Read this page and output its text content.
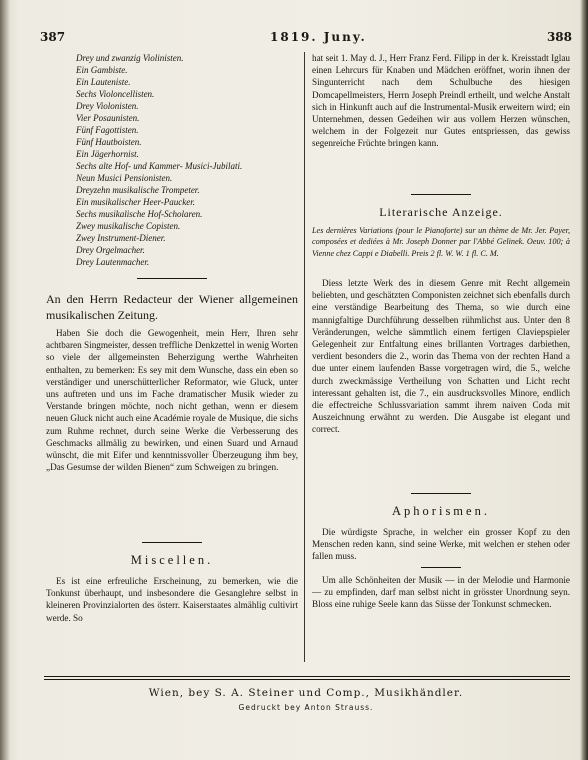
387	1819. Juny.	388
Drey und zwanzig Violinisten.
Ein Gambiste.
Ein Lauteniste.
Sechs Violoncellisten.
Drey Violonisten.
Vier Posaunisten.
Fünf Fagottisten.
Fünf Hautboisten.
Ein Jägerhornist.
Sechs alte Hof- und Kammer- Musici-Jubilati.
Neun Musici Pensionisten.
Dreyzehn musikalische Trompeter.
Ein musikalischer Heer-Paucker.
Sechs musikalische Hof-Scholaren.
Zwey musikalische Copisten.
Zwey Instrument-Diener.
Drey Orgelmacher.
Drey Lautenmacher.
An den Herrn Redacteur der Wiener allgemeinen musikalischen Zeitung.

Haben Sie doch die Gewogenheit, mein Herr, Ihren sehr achtbaren Singmeister, dessen treffliche Denkzettel in wenig Worten so viele der allgemeinsten Beherzigung werthe Wahrheiten enthalten, zu bemerken: Es sey mit dem Wunsche, dass ein eben so verständiger und unerschütterlicher Reformator, wie Gluck, unter uns auftreten und uns im Fache dramatischer Musik wieder zu Verstande bringen möchte, noch nicht gethan, wenn er diesem neuen Gluck nicht auch eine Académie royale de Musique, die sichs zum Ruhme rechnet, durch seine Werke die Verbesserung des Geschmacks allmälig zu bewirken, und einen Suard und Arnaud wünscht, die mit Eifer und kenntnissvoller Überzeugung ihm bey, „Das Gesumse der wilden Bienen“ zum Schweigen zu bringen.

Miscellen.

Es ist eine erfreuliche Erscheinung, zu bemerken, wie die Tonkunst überhaupt, und insbesondere die Gesanglehre selbst in kleineren Provinzialorten des österr. Kaiserstaates almählig cultivirt werde. So

hat seit 1. May d. J., Herr Franz Ferd. Filipp in der k. Kreisstadt Iglau einen Lehrcurs für Knaben und Mädchen eröffnet, worin ihnen der Singunterricht nach dem Schulbuche des hiesigen Domcapellmeisters, Herrn Joseph Preindl ertheilt, und welche Anstalt sich in Hinkunft auch auf die Instrumental-Musik erweitern wird; ein Unternehmen, dessen Gedeihen wir aus vollem Herzen wünschen, welchem in der Folgezeit nur Gutes entspriessen, das gewiss segenreiche Früchte bringen kann.

Literarische Anzeige.
Les dernières Variations (pour le Pianoforte) sur un thème de Mr. Jer. Payer, composées et dediées à Mr. Joseph Donner par l'Abbé Gelinek. Oeuv. 100; à Vienne chez Cappi e Diabelli. Preis 2 fl. W. W. 1 fl. C. M.

Diess letzte Werk des in diesem Genre mit Recht allgemein beliebten, und geschätzten Componisten zeichnet sich ebenfalls durch eine verständige Bearbeitung des Thema, so wie durch eine mannigfaltige Durchführung desselben rühmlichst aus. Unter den 8 Veränderungen, welche sämmtlich einem fertigen Claviерspieler Gelegenheit zur Entfaltung eines brillanten Vortrages darbiethen, verdient besonders die 2., worin das Thema von der rechten Hand a due unter einem laufenden Basse vorgetragen wird, die 5., welche durch zweckmässige Vertheilung von Schatten und Licht recht interessant gehalten ist, die 7., ein ausdrucksvolles Minore, endlich die effectreiche Schlussvariation sammt ihrem naiven Coda mit Auszeichnung erwähnt zu werden. Die Ausgabe ist elegant und correct.

Aphorismen.

Die würdigste Sprache, in welcher ein grosser Kopf zu den Menschen reden kann, sind seine Werke, mit welchen er stehen oder fallen muss.

Um alle Schönheiten der Musik — in der Melodie und Harmonie — zu empfinden, darf man selbst nicht in grösster Unordnung seyn. Bloss eine ruhige Seele kann das Süsse der Tonkunst schmecken.

Wien, bey S. A. Steiner und Comp., Musikhändler.
Gedruckt bey Anton Strauss.
